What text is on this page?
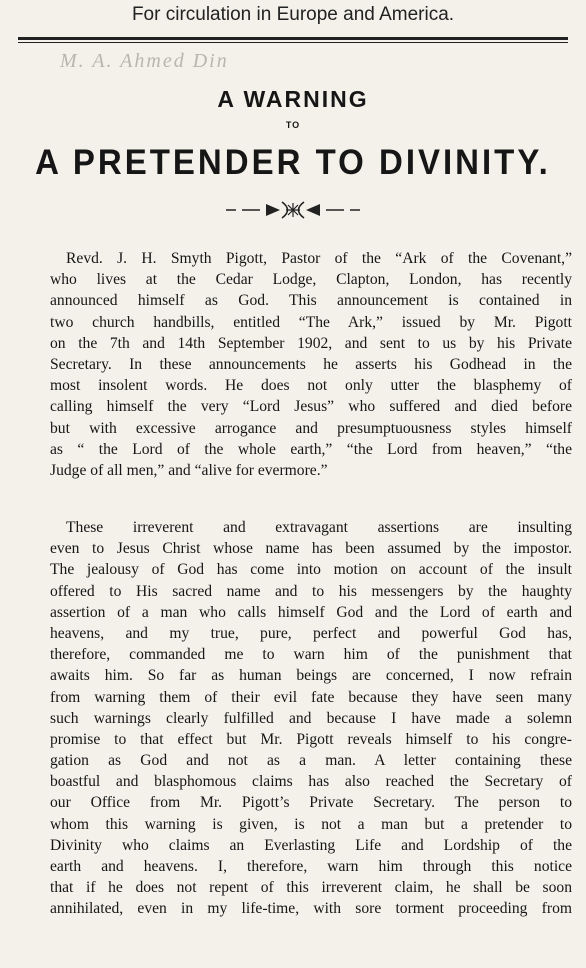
For circulation in Europe and America.
M. A. Ahmed Din
A WARNING
TO
A PRETENDER TO DIVINITY.
Revd. J. H. Smyth Pigott, Pastor of the “Ark of the Covenant,”
who lives at the Cedar Lodge, Clapton, London, has recently
announced himself as God. This announcement is contained in
two church handbills, entitled “The Ark,” issued by Mr. Pigott
on the 7th and 14th September 1902, and sent to us by his Private
Secretary. In these announcements he asserts his Godhead in the
most insolent words. He does not only utter the blasphemy of
calling himself the very “Lord Jesus” who suffered and died before
but with excessive arrogance and presumptuousness styles himself
as “ the Lord of the whole earth,” “the Lord from heaven,” “the
Judge of all men,” and “alive for evermore.”
These irreverent and extravagant assertions are insulting
even to Jesus Christ whose name has been assumed by the impostor.
The jealousy of God has come into motion on account of the insult
offered to His sacred name and to his messengers by the haughty
assertion of a man who calls himself God and the Lord of earth and
heavens, and my true, pure, perfect and powerful God has,
therefore, commanded me to warn him of the punishment that
awaits him. So far as human beings are concerned, I now refrain
from warning them of their evil fate because they have seen many
such warnings clearly fulfilled and because I have made a solemn
promise to that effect but Mr. Pigott reveals himself to his congre-
gation as God and not as a man. A letter containing these
boastful and blasphomous claims has also reached the Secretary of
our Office from Mr. Pigott’s Private Secretary. The person to
whom this warning is given, is not a man but a pretender to
Divinity who claims an Everlasting Life and Lordship of the
earth and heavens. I, therefore, warn him through this notice
that if he does not repent of this irreverent claim, he shall be soon
annihilated, even in my life-time, with sore torment proceeding from
